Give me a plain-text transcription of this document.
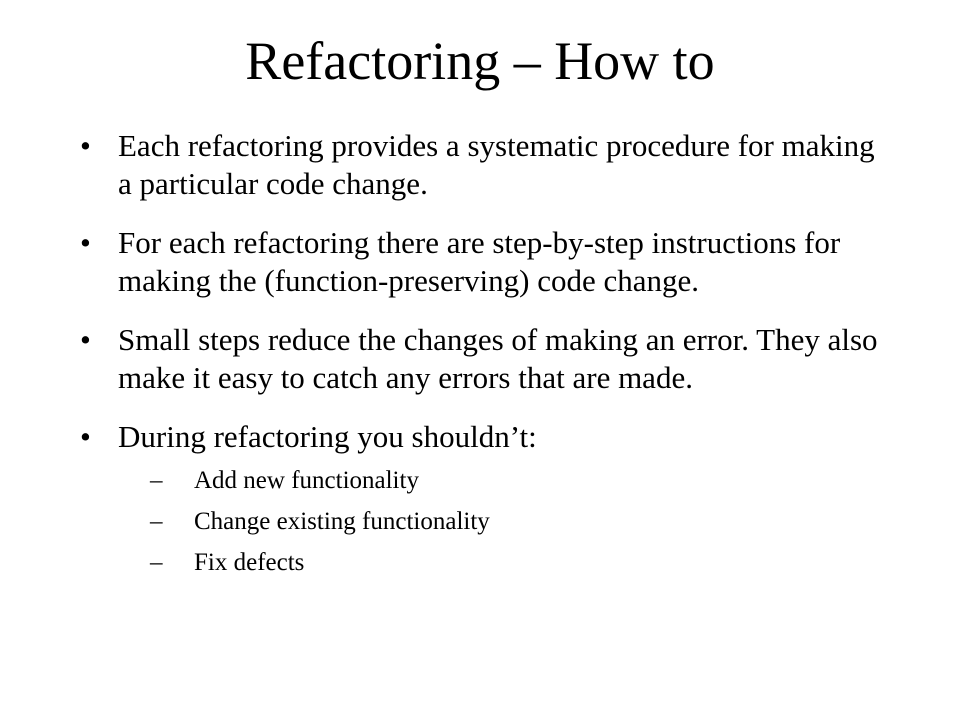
Refactoring – How to
• Each refactoring provides a systematic procedure for making a particular code change.
• For each refactoring there are step-by-step instructions for making the (function-preserving) code change.
• Small steps reduce the changes of making an error. They also make it easy to catch any errors that are made.
• During refactoring you shouldn’t:
–	Add new functionality
–	Change existing functionality
–	Fix defects
